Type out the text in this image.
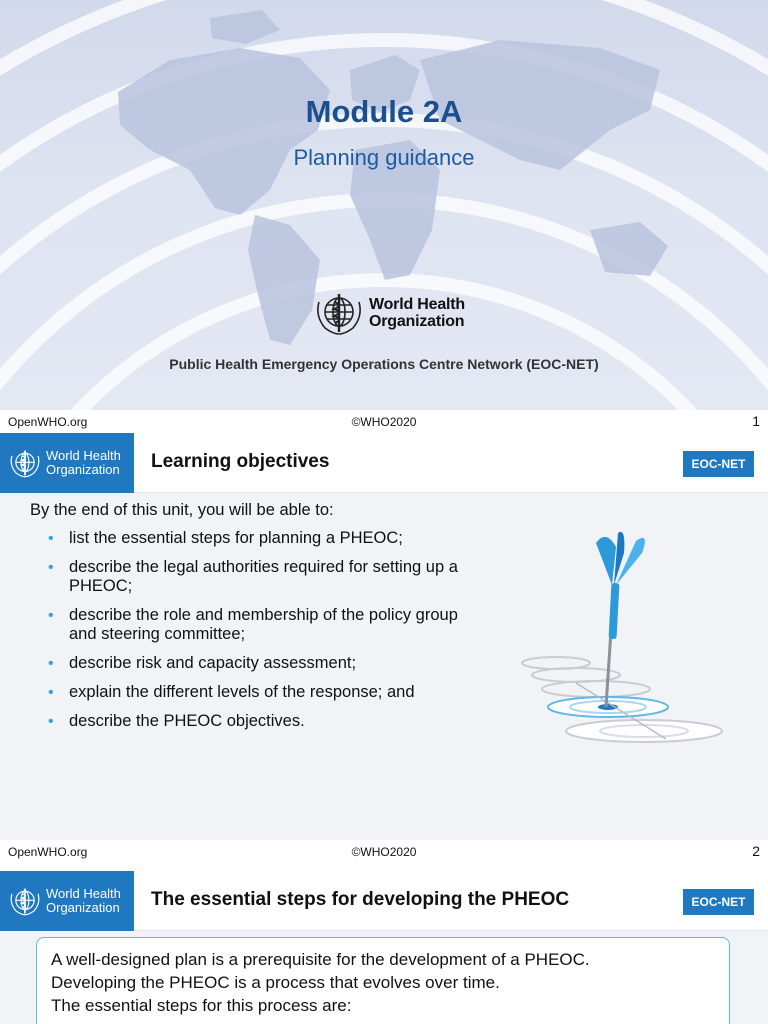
Module 2A
Planning guidance
World Health
Organization
Public Health Emergency Operations Centre Network (EOC-NET)
OpenWHO.org	©WHO2020	1
World Health
Organization Learning objectives	EOC-NET
By the end of this unit, you will be able to:
• list the essential steps for planning a PHEOC;
• describe the legal authorities required for setting up a PHEOC;
• describe the role and membership of the policy group and steering committee;
• describe risk and capacity assessment;
• explain the different levels of the response; and
• describe the PHEOC objectives.
OpenWHO.org	©WHO2020	2
World Health
Organization The essential steps for developing the PHEOC	EOC-NET

A well-designed plan is a prerequisite for the development of a PHEOC.

Developing the PHEOC is a process that evolves over time.

The essential steps for this process are:
